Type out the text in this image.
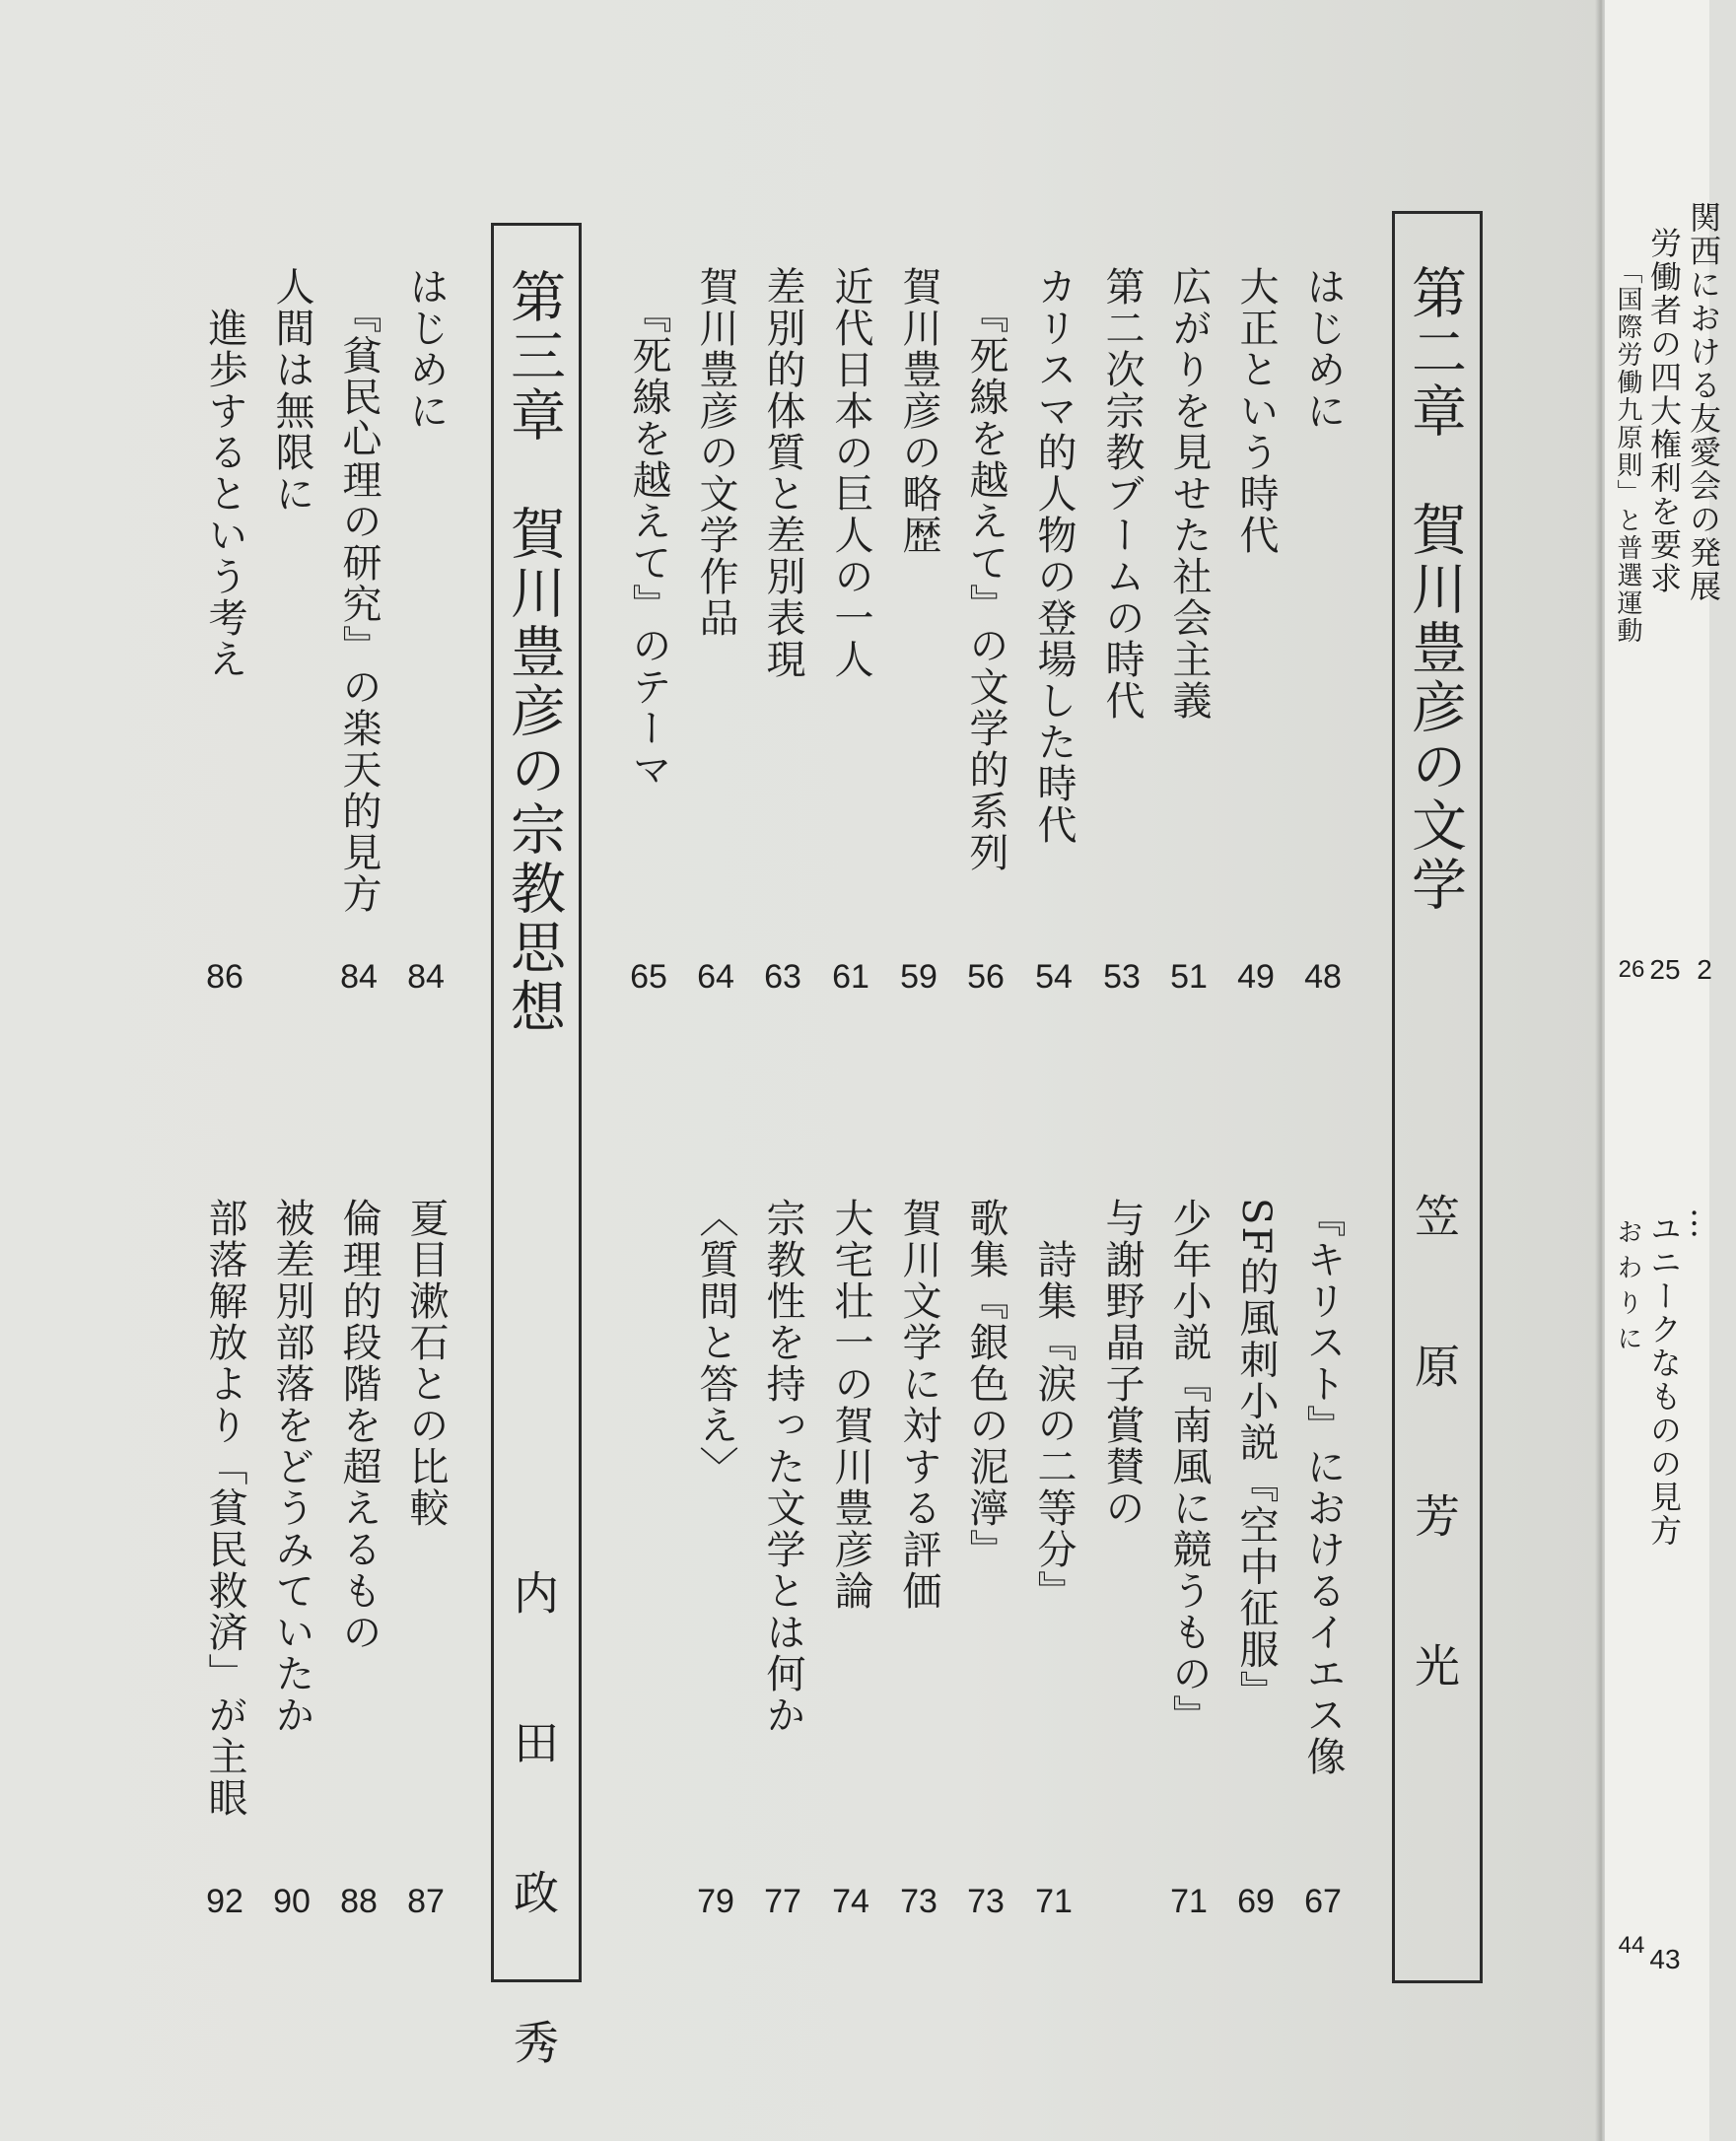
第二章　賀川豊彦の文学
笠　原　芳　光
第三章　賀川豊彦の宗教思想
内　田　政　秀
はじめに
48
大正という時代
49
広がりを見せた社会主義
51
第二次宗教ブームの時代
53
カリスマ的人物の登場した時代
54
『死線を越えて』の文学的系列
56
賀川豊彦の略歴
59
近代日本の巨人の一人
61
差別的体質と差別表現
63
賀川豊彦の文学作品
64
『死線を越えて』のテーマ
65
『キリスト』におけるイエス像
67
SF的風刺小説『空中征服』
69
少年小説『南風に競うもの』
71
与謝野晶子賞賛の
　詩集『涙の二等分』
71
歌集『銀色の泥濘』
73
賀川文学に対する評価
73
大宅壮一の賀川豊彦論
74
宗教性を持った文学とは何か
77
〈質問と答え〉
79
はじめに
84
『貧民心理の研究』の楽天的見方
84
人間は無限に
　進歩するという考え
86
夏目漱石との比較
87
倫理的段階を超えるもの
88
被差別部落をどうみていたか
90
部落解放より「貧民救済」が主眼
92
関西における友愛会の発展
2
労働者の四大権利を要求
25
「国際労働九原則」と普選運動
26
…
ユニークなものの見方
43
おわりに
44
